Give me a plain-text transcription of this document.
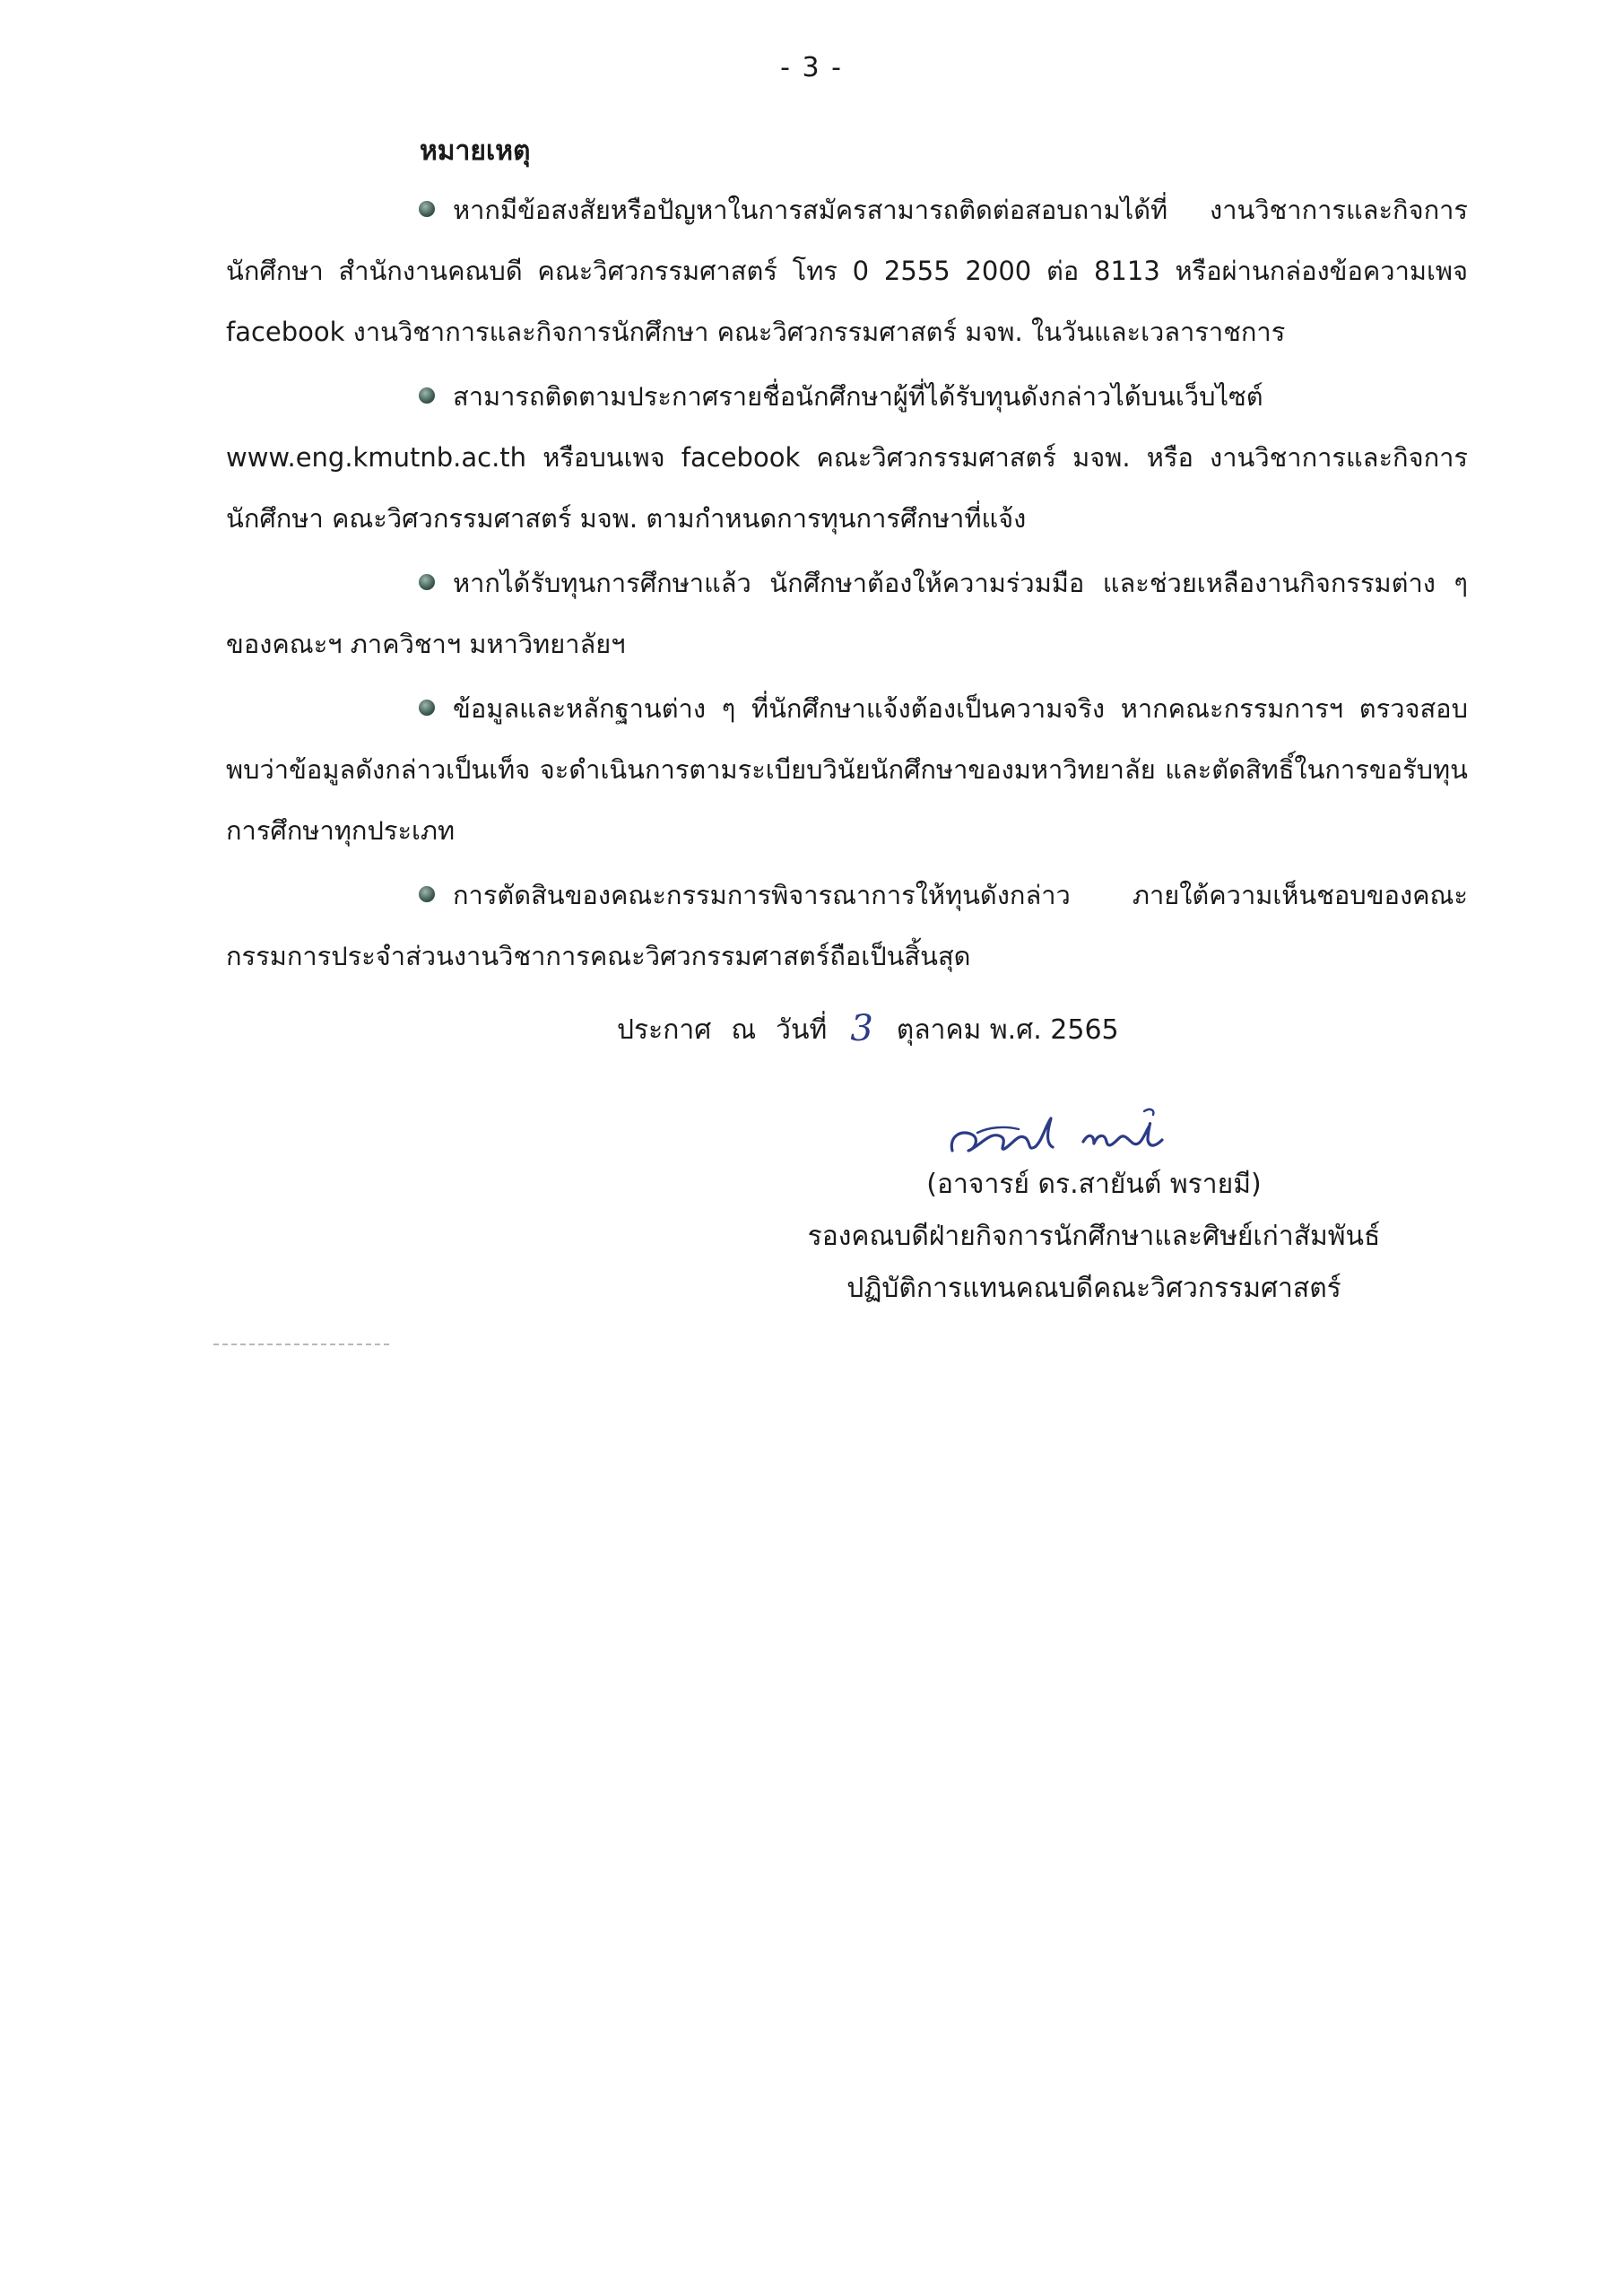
- 3 -
หมายเหตุ

หากมีข้อสงสัยหรือปัญหาในการสมัครสามารถติดต่อสอบถามได้ที่ งานวิชาการและกิจการนักศึกษา สำนักงานคณบดี คณะวิศวกรรมศาสตร์ โทร 0 2555 2000 ต่อ 8113 หรือผ่านกล่องข้อความเพจ facebook งานวิชาการและกิจการนักศึกษา คณะวิศวกรรมศาสตร์ มจพ. ในวันและเวลาราชการ

สามารถติดตามประกาศรายชื่อนักศึกษาผู้ที่ได้รับทุนดังกล่าวได้บนเว็บไซต์ www.eng.kmutnb.ac.th หรือบนเพจ facebook คณะวิศวกรรมศาสตร์ มจพ. หรือ งานวิชาการและกิจการนักศึกษา คณะวิศวกรรมศาสตร์ มจพ. ตามกำหนดการทุนการศึกษาที่แจ้ง

หากได้รับทุนการศึกษาแล้ว นักศึกษาต้องให้ความร่วมมือ และช่วยเหลืองานกิจกรรมต่าง ๆ ของคณะฯ ภาควิชาฯ มหาวิทยาลัยฯ

ข้อมูลและหลักฐานต่าง ๆ ที่นักศึกษาแจ้งต้องเป็นความจริง หากคณะกรรมการฯ ตรวจสอบพบว่าข้อมูลดังกล่าวเป็นเท็จ จะดำเนินการตามระเบียบวินัยนักศึกษาของมหาวิทยาลัย และตัดสิทธิ์ในการขอรับทุนการศึกษาทุกประเภท

การตัดสินของคณะกรรมการพิจารณาการให้ทุนดังกล่าว ภายใต้ความเห็นชอบของคณะกรรมการประจำส่วนงานวิชาการคณะวิศวกรรมศาสตร์ถือเป็นสิ้นสุด

ประกาศ ณ วันที่ 3 ตุลาคม พ.ศ. 2565
(อาจารย์ ดร.สายันต์ พรายมี)
รองคณบดีฝ่ายกิจการนักศึกษาและศิษย์เก่าสัมพันธ์
ปฏิบัติการแทนคณบดีคณะวิศวกรรมศาสตร์
